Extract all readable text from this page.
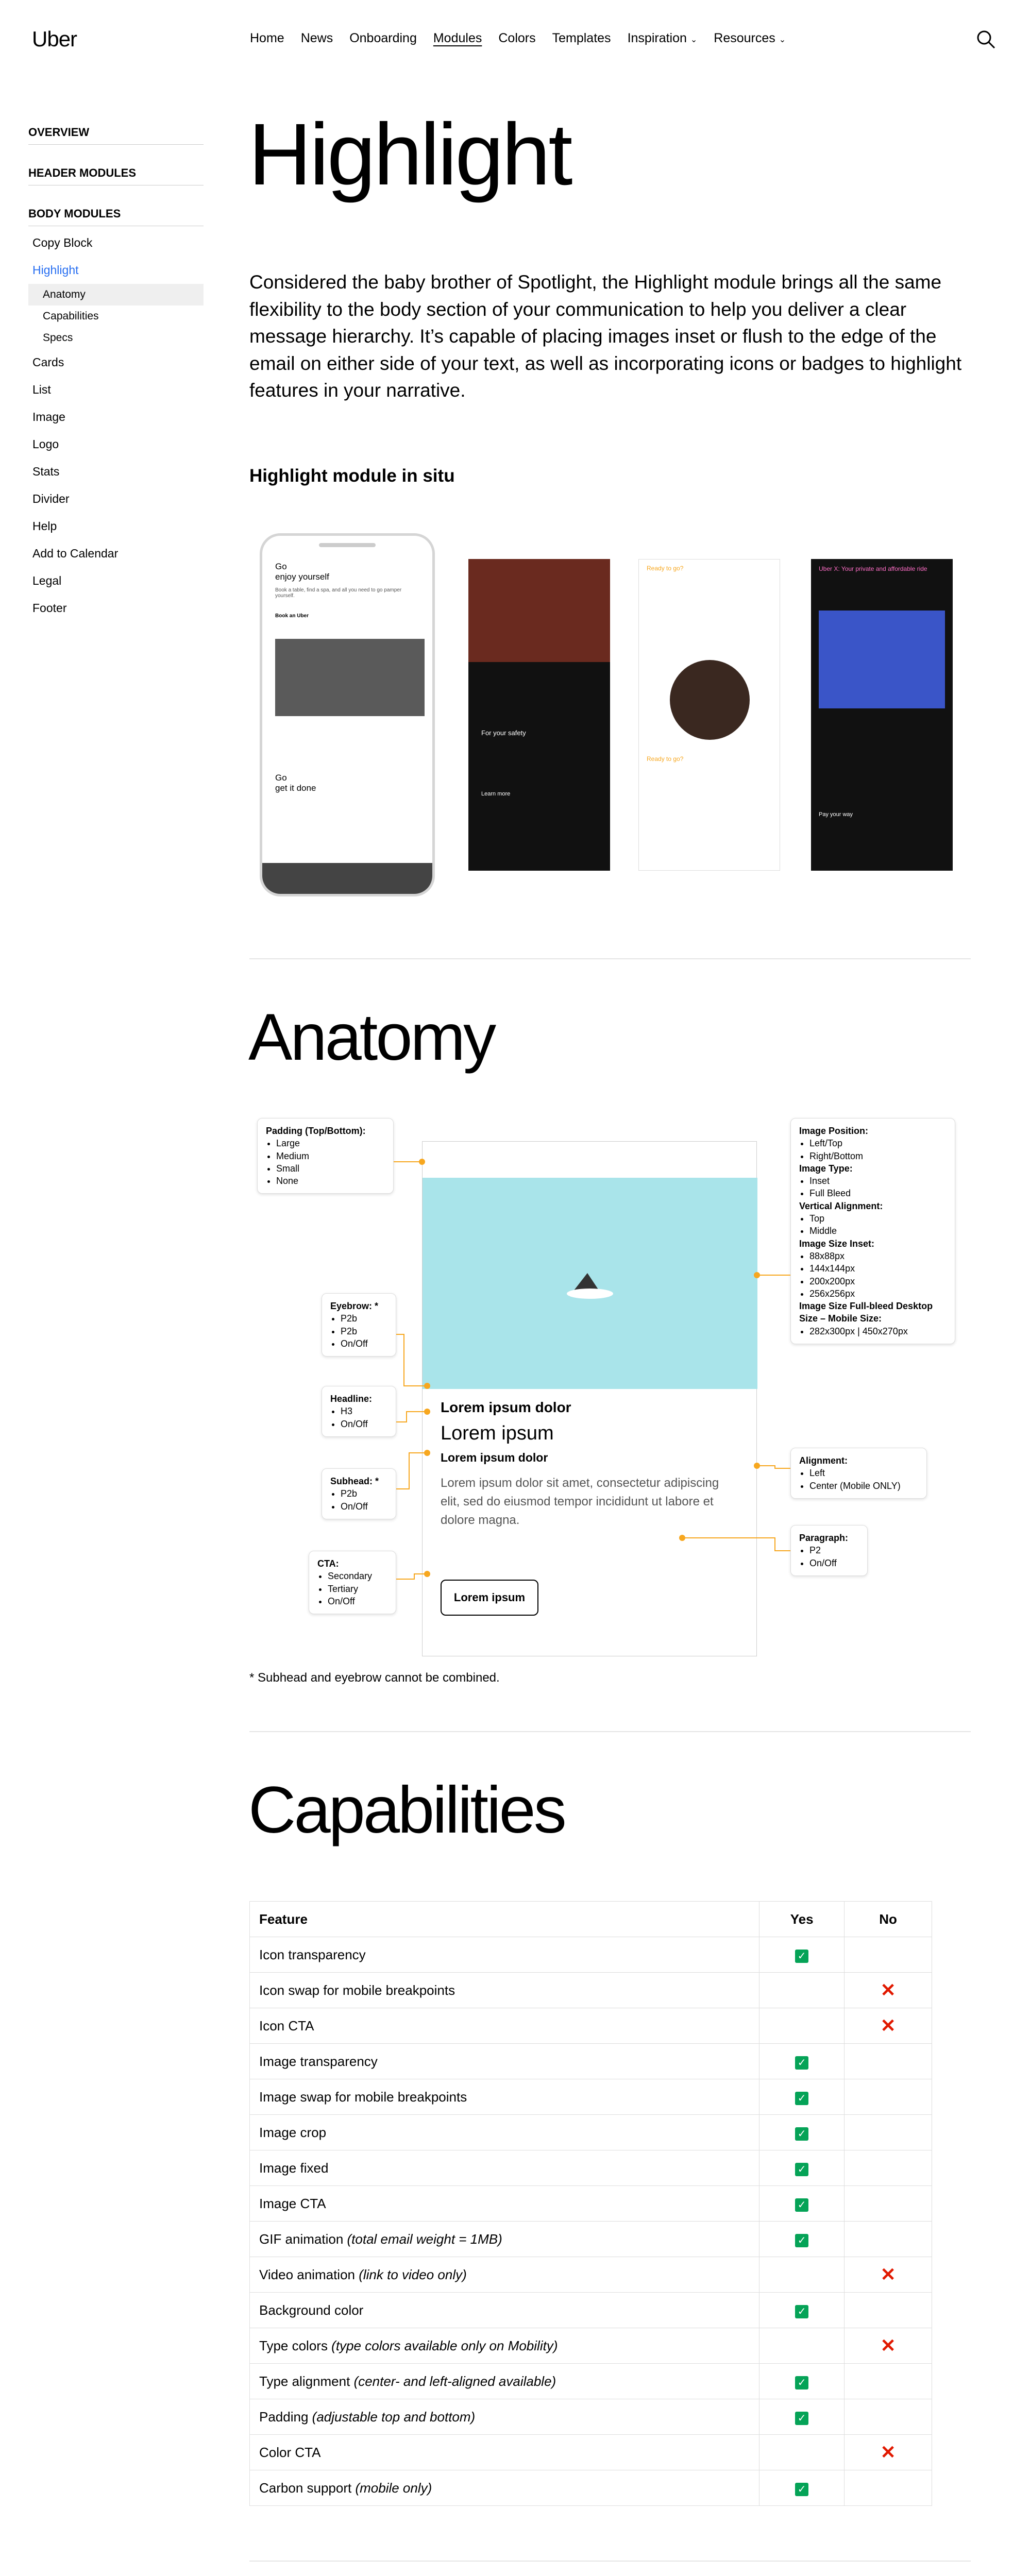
Uber	Home News Onboarding Modules Colors Templates Inspiration ⌄ Resources ⌄
OVERVIEW
HEADER MODULES
BODY MODULES
Copy Block
Highlight
Anatomy
Capabilities
Specs
Cards
List
Image
Logo
Stats
Divider
Help
Add to Calendar
Legal
Footer
Highlight

Considered the baby brother of Spotlight, the Highlight module brings all the same flexibility to the body section of your communication to help you deliver a clear message hierarchy. It’s capable of placing images inset or flush to the edge of the email on either side of your text, as well as incorporating icons or badges to highlight features in your narrative.

Highlight module in situ
Go
enjoy yourself
Book a table, find a spa, and all you need to go pamper yourself.
Book an Uber
Go
get it done
For your safety
Learn more
Ready to go?
Ready to go?
Uber X: Your private and affordable ride
Pay your way
Anatomy
Lorem ipsum dolor
Lorem ipsum
Lorem ipsum dolor
Lorem ipsum dolor sit amet, consectetur adipiscing elit, sed do eiusmod tempor incididunt ut labore et dolore magna.
Lorem ipsum
Padding (Top/Bottom):
• Large
• Medium
• Small
• None
Eyebrow: *
• P2b
• P2b
• On/Off
Headline:
• H3
• On/Off
Subhead: *
• P2b
• On/Off
CTA:
• Secondary
• Tertiary
• On/Off
Image Position:
• Left/Top
• Right/Bottom
Image Type:
• Inset
• Full Bleed
Vertical Alignment:
• Top
• Middle
Image Size Inset:
• 88x88px
• 144x144px
• 200x200px
• 256x256px
Image Size Full-bleed Desktop Size – Mobile Size:
• 282x300px | 450x270px
Alignment:
• Left
• Center (Mobile ONLY)
Paragraph:
• P2
• On/Off
* Subhead and eyebrow cannot be combined.
Capabilities
Feature	Yes	No
Icon transparency	✓	
Icon swap for mobile breakpoints		✕
Icon CTA		✕
Image transparency	✓	
Image swap for mobile breakpoints	✓	
Image crop	✓	
Image fixed	✓	
Image CTA	✓	
GIF animation (total email weight = 1MB)	✓	
Video animation (link to video only)		✕
Background color	✓	
Type colors (type colors available only on Mobility)		✕
Type alignment (center- and left-aligned available)	✓	
Padding (adjustable top and bottom)	✓	
Color CTA		✕
Carbon support (mobile only)	✓	
